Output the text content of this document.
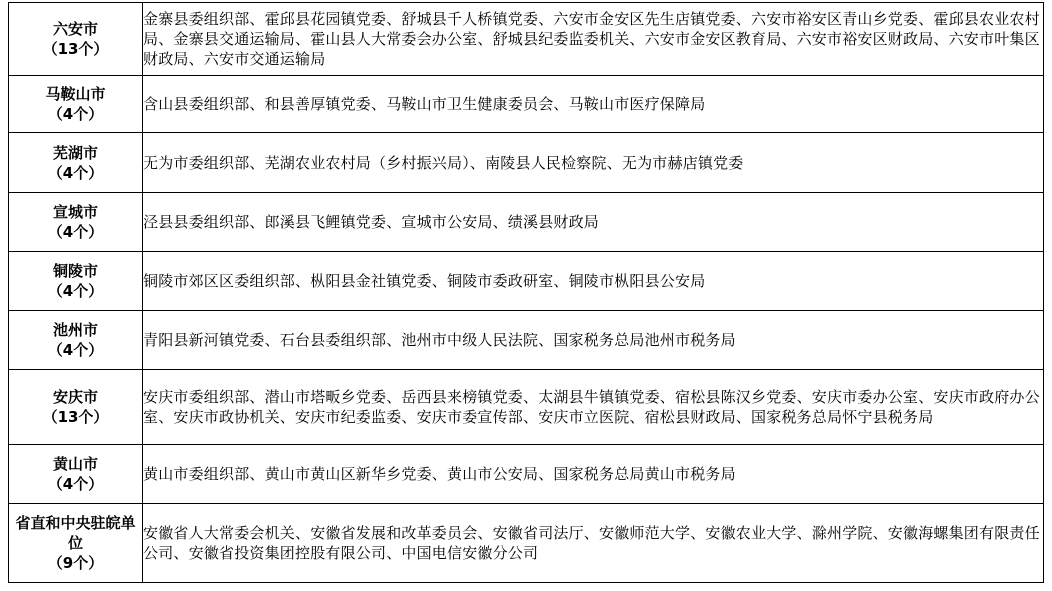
六安市
（13个）	金寨县委组织部、霍邱县花园镇党委、舒城县千人桥镇党委、六安市金安区先生店镇党委、六安市裕安区青山乡党委、霍邱县农业农村局、金寨县交通运输局、霍山县人大常委会办公室、舒城县纪委监委机关、六安市金安区教育局、六安市裕安区财政局、六安市叶集区财政局、六安市交通运输局

马鞍山市
（4个）	含山县委组织部、和县善厚镇党委、马鞍山市卫生健康委员会、马鞍山市医疗保障局

芜湖市
（4个）	无为市委组织部、芜湖农业农村局（乡村振兴局）、南陵县人民检察院、无为市赫店镇党委

宣城市
（4个）	泾县县委组织部、郎溪县飞鲤镇党委、宣城市公安局、绩溪县财政局

铜陵市
（4个）	铜陵市郊区区委组织部、枞阳县金社镇党委、铜陵市委政研室、铜陵市枞阳县公安局

池州市
（4个）	青阳县新河镇党委、石台县委组织部、池州市中级人民法院、国家税务总局池州市税务局

安庆市
（13个）	安庆市委组织部、潜山市塔畈乡党委、岳西县来榜镇党委、太湖县牛镇镇党委、宿松县陈汉乡党委、安庆市委办公室、安庆市政府办公室、安庆市政协机关、安庆市纪委监委、安庆市委宣传部、安庆市立医院、宿松县财政局、国家税务总局怀宁县税务局

黄山市
（4个）	黄山市委组织部、黄山市黄山区新华乡党委、黄山市公安局、国家税务总局黄山市税务局

省直和中央驻皖单位
（9个）	安徽省人大常委会机关、安徽省发展和改革委员会、安徽省司法厅、安徽师范大学、安徽农业大学、滁州学院、安徽海螺集团有限责任公司、安徽省投资集团控股有限公司、中国电信安徽分公司
